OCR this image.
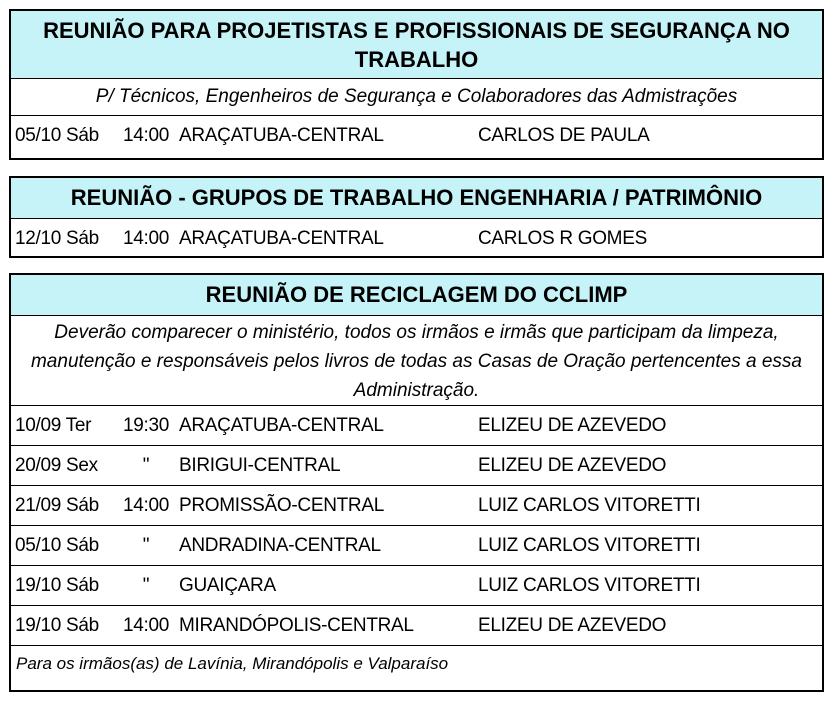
REUNIÃO PARA PROJETISTAS E PROFISSIONAIS DE SEGURANÇA NO TRABALHO
P/ Técnicos, Engenheiros de Segurança e Colaboradores das Admistrações
05/10 Sáb 14:00 ARAÇATUBA-CENTRAL	CARLOS DE PAULA
REUNIÃO - GRUPOS DE TRABALHO ENGENHARIA / PATRIMÔNIO
12/10 Sáb 14:00 ARAÇATUBA-CENTRAL	CARLOS R GOMES
REUNIÃO DE RECICLAGEM DO CCLIMP
Deverão comparecer o ministério, todos os irmãos e irmãs que participam da limpeza, manutenção e responsáveis pelos livros de todas as Casas de Oração pertencentes a essa Administração.
10/09 Ter 19:30 ARAÇATUBA-CENTRAL	ELIZEU DE AZEVEDO
20/09 Sex	"	BIRIGUI-CENTRAL	ELIZEU DE AZEVEDO
21/09 Sáb 14:00 PROMISSÃO-CENTRAL	LUIZ CARLOS VITORETTI
05/10 Sáb	"	ANDRADINA-CENTRAL	LUIZ CARLOS VITORETTI
19/10 Sáb	"	GUAIÇARA	LUIZ CARLOS VITORETTI
19/10 Sáb 14:00 MIRANDÓPOLIS-CENTRAL	ELIZEU DE AZEVEDO
Para os irmãos(as) de Lavínia, Mirandópolis e Valparaíso
